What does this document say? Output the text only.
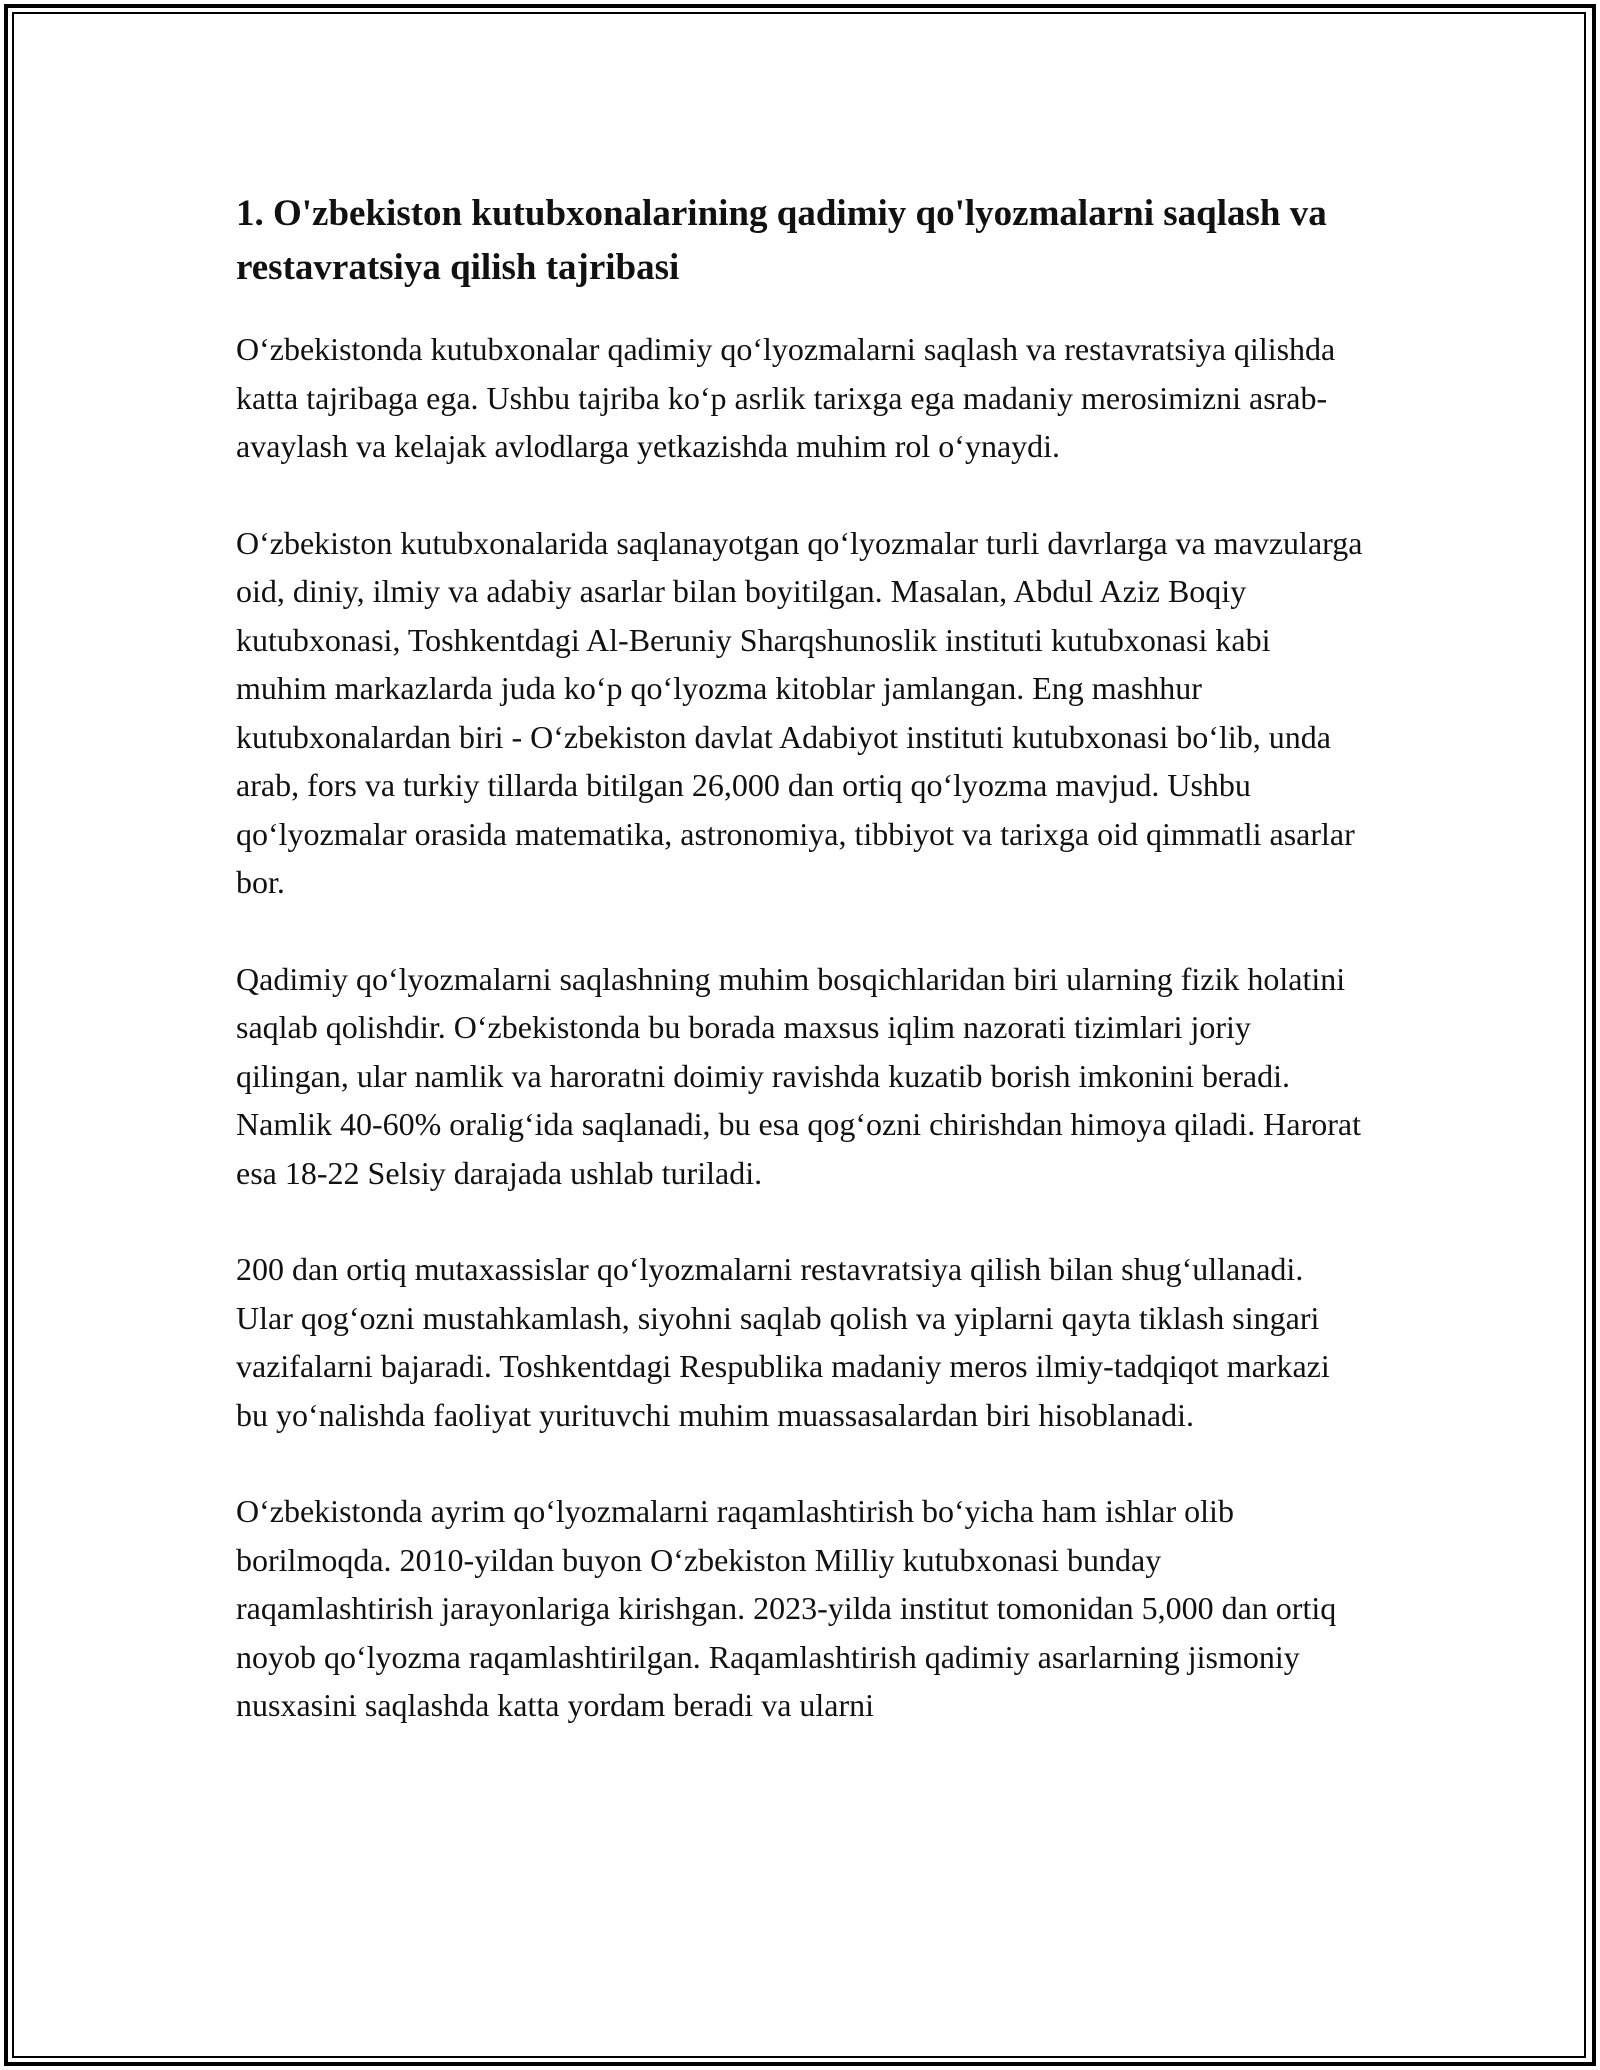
1. O'zbekiston kutubxonalarining qadimiy qo'lyozmalarni saqlash va restavratsiya qilish tajribasi

O‘zbekistonda kutubxonalar qadimiy qo‘lyozmalarni saqlash va restavratsiya qilishda katta tajribaga ega. Ushbu tajriba ko‘p asrlik tarixga ega madaniy merosimizni asrab-avaylash va kelajak avlodlarga yetkazishda muhim rol o‘ynaydi.

O‘zbekiston kutubxonalarida saqlanayotgan qo‘lyozmalar turli davrlarga va mavzularga oid, diniy, ilmiy va adabiy asarlar bilan boyitilgan. Masalan, Abdul Aziz Boqiy kutubxonasi, Toshkentdagi Al-Beruniy Sharqshunoslik instituti kutubxonasi kabi muhim markazlarda juda ko‘p qo‘lyozma kitoblar jamlangan. Eng mashhur kutubxonalardan biri - O‘zbekiston davlat Adabiyot instituti kutubxonasi bo‘lib, unda arab, fors va turkiy tillarda bitilgan 26,000 dan ortiq qo‘lyozma mavjud. Ushbu qo‘lyozmalar orasida matematika, astronomiya, tibbiyot va tarixga oid qimmatli asarlar bor.

Qadimiy qo‘lyozmalarni saqlashning muhim bosqichlaridan biri ularning fizik holatini saqlab qolishdir. O‘zbekistonda bu borada maxsus iqlim nazorati tizimlari joriy qilingan, ular namlik va haroratni doimiy ravishda kuzatib borish imkonini beradi. Namlik 40-60% oralig‘ida saqlanadi, bu esa qog‘ozni chirishdan himoya qiladi. Harorat esa 18-22 Selsiy darajada ushlab turiladi.

200 dan ortiq mutaxassislar qo‘lyozmalarni restavratsiya qilish bilan shug‘ullanadi. Ular qog‘ozni mustahkamlash, siyohni saqlab qolish va yiplarni qayta tiklash singari vazifalarni bajaradi. Toshkentdagi Respublika madaniy meros ilmiy-tadqiqot markazi bu yo‘nalishda faoliyat yurituvchi muhim muassasalardan biri hisoblanadi.

O‘zbekistonda ayrim qo‘lyozmalarni raqamlashtirish bo‘yicha ham ishlar olib borilmoqda. 2010-yildan buyon O‘zbekiston Milliy kutubxonasi bunday raqamlashtirish jarayonlariga kirishgan. 2023-yilda institut tomonidan 5,000 dan ortiq noyob qo‘lyozma raqamlashtirilgan. Raqamlashtirish qadimiy asarlarning jismoniy nusxasini saqlashda katta yordam beradi va ularni
